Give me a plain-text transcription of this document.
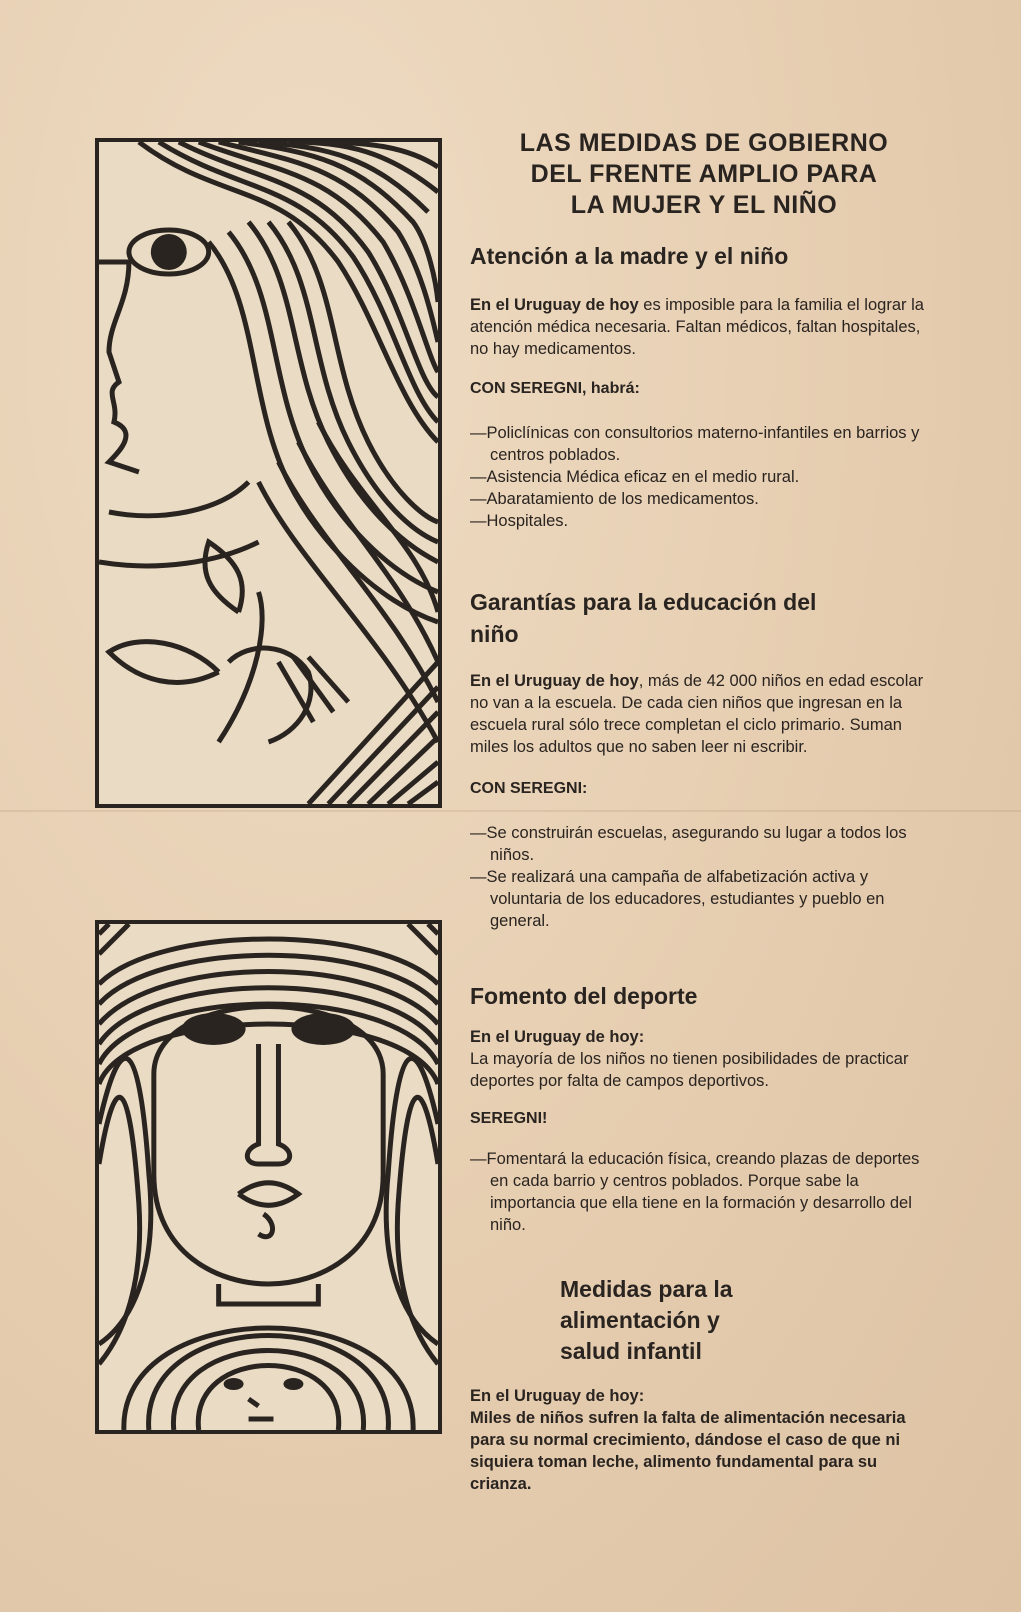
LAS MEDIDAS DE GOBIERNO
DEL FRENTE AMPLIO PARA
LA MUJER Y EL NIÑO
Atención a la madre y el niño

En el Uruguay de hoy es imposible para la familia el lograr la atención médica necesaria. Faltan médicos, faltan hospitales, no hay medicamentos.

CON SEREGNI, habrá:

—Policlínicas con consultorios materno-infantiles en barrios y centros poblados.
—Asistencia Médica eficaz en el medio rural.
—Abaratamiento de los medicamentos.
—Hospitales.
Garantías para la educación del niño

En el Uruguay de hoy, más de 42 000 niños en edad escolar no van a la escuela. De cada cien niños que ingresan en la escuela rural sólo trece completan el ciclo primario. Suman miles los adultos que no saben leer ni escribir.

CON SEREGNI:

—Se construirán escuelas, asegurando su lugar a todos los niños.
—Se realizará una campaña de alfabetización activa y voluntaria de los educadores, estudiantes y pueblo en general.
Fomento del deporte

En el Uruguay de hoy:

La mayoría de los niños no tienen posibilidades de practicar deportes por falta de campos deportivos.

SEREGNI!

—Fomentará la educación física, creando plazas de deportes en cada barrio y centros poblados. Porque sabe la importancia que ella tiene en la formación y desarrollo del niño.
Medidas para la
alimentación y
salud infantil

En el Uruguay de hoy:

Miles de niños sufren la falta de alimentación necesaria para su normal crecimiento, dándose el caso de que ni siquiera toman leche, alimento fundamental para su crianza.
